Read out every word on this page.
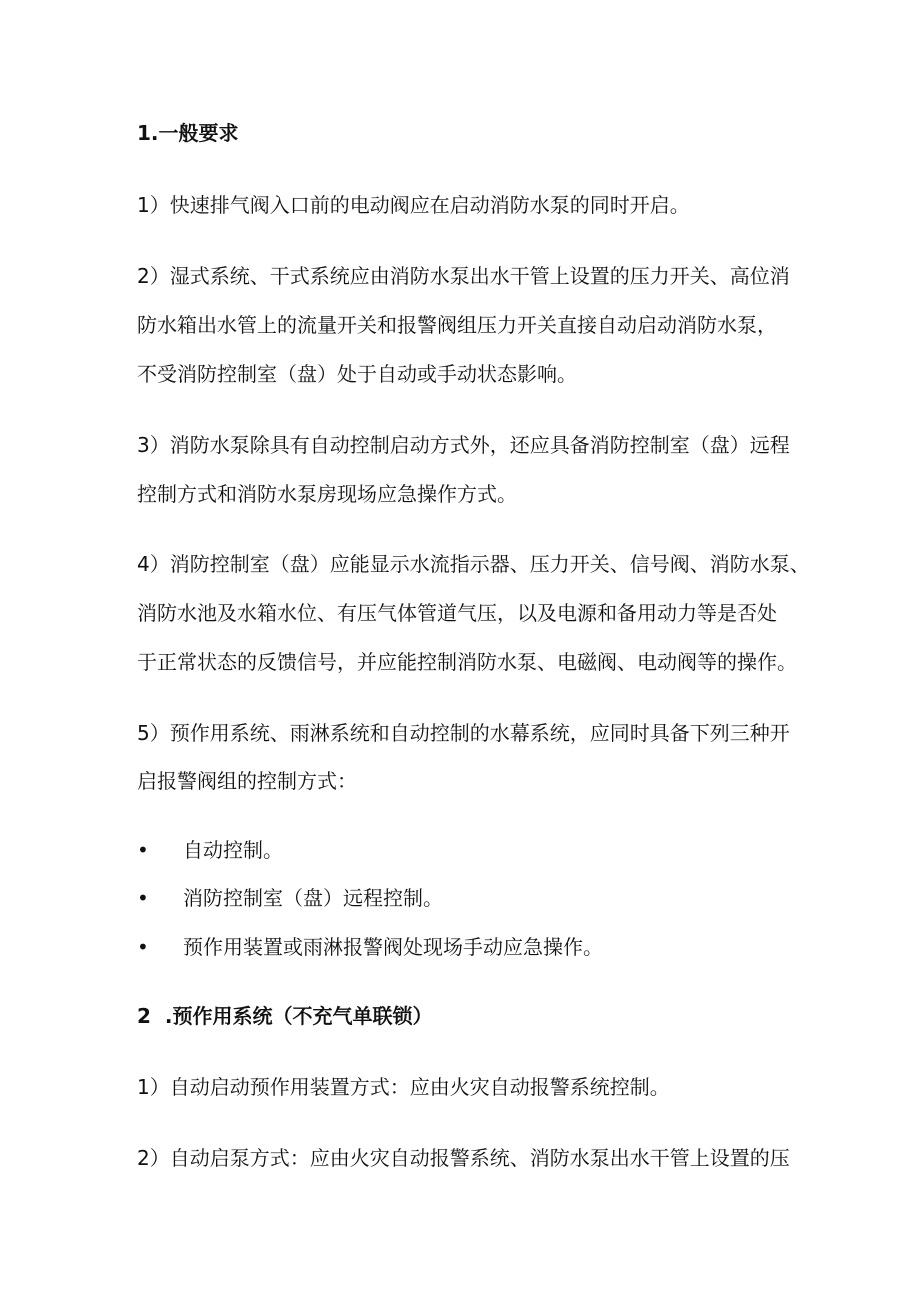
1.一般要求
1）快速排气阀入口前的电动阀应在启动消防水泵的同时开启。
2）湿式系统、干式系统应由消防水泵出水干管上设置的压力开关、高位消
防水箱出水管上的流量开关和报警阀组压力开关直接自动启动消防水泵，
不受消防控制室（盘）处于自动或手动状态影响。
3）消防水泵除具有自动控制启动方式外，还应具备消防控制室（盘）远程
控制方式和消防水泵房现场应急操作方式。
4）消防控制室（盘）应能显示水流指示器、压力开关、信号阀、消防水泵、
消防水池及水箱水位、有压气体管道气压，以及电源和备用动力等是否处
于正常状态的反馈信号，并应能控制消防水泵、电磁阀、电动阀等的操作。
5）预作用系统、雨淋系统和自动控制的水幕系统，应同时具备下列三种开
启报警阀组的控制方式：
• 自动控制。
• 消防控制室（盘）远程控制。
• 预作用装置或雨淋报警阀处现场手动应急操作。
2  .预作用系统（不充气单联锁）
1）自动启动预作用装置方式：应由火灾自动报警系统控制。
2）自动启泵方式：应由火灾自动报警系统、消防水泵出水干管上设置的压
